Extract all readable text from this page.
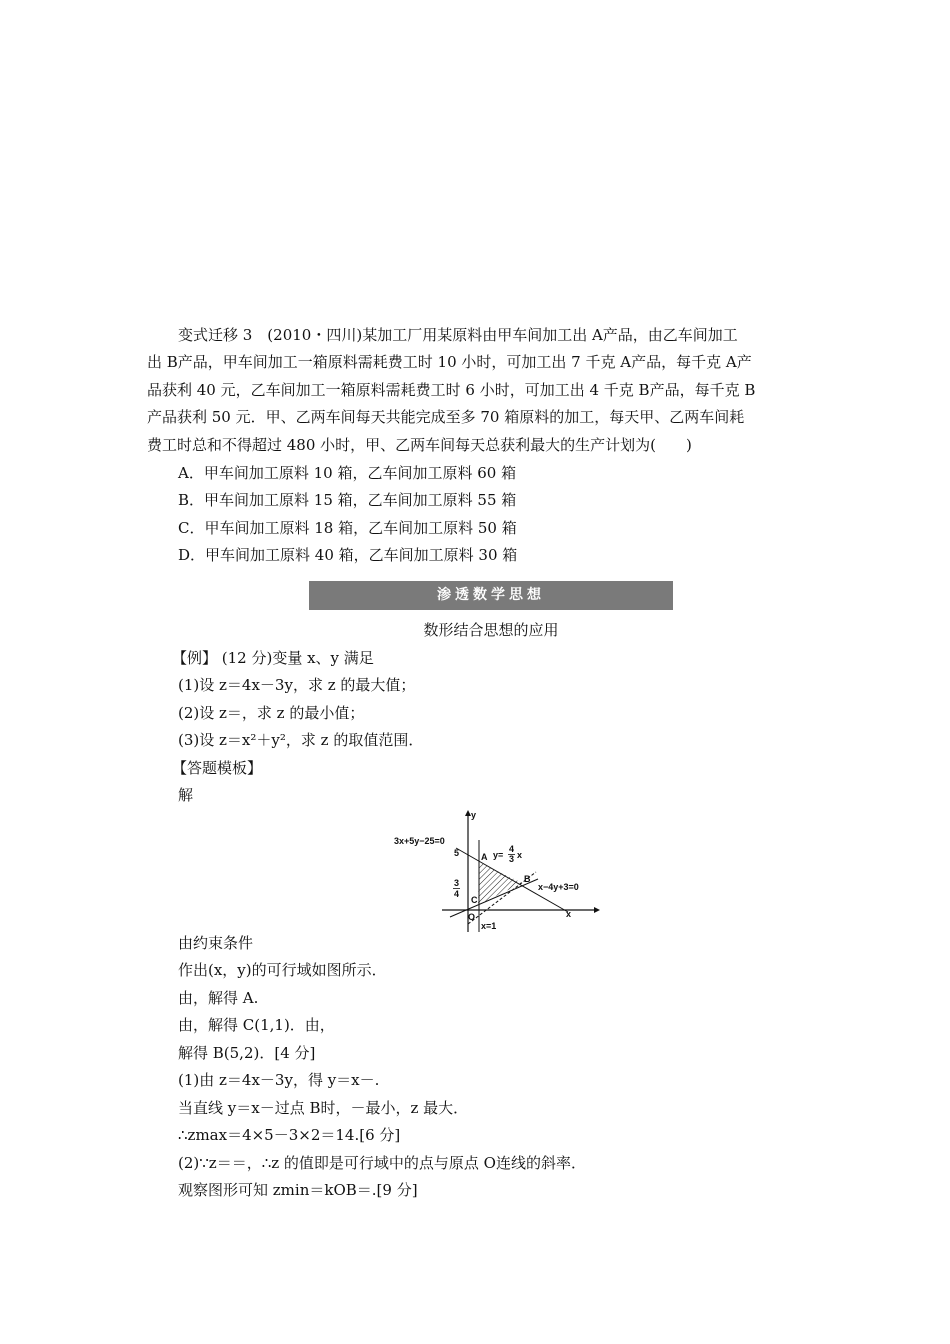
变式迁移 3　(2010・四川)某加工厂用某原料由甲车间加工出 A产品，由乙车间加工
出 B产品，甲车间加工一箱原料需耗费工时 10 小时，可加工出 7 千克 A产品，每千克 A产
品获利 40 元，乙车间加工一箱原料需耗费工时 6 小时，可加工出 4 千克 B产品，每千克 B
产品获利 50 元．甲、乙两车间每天共能完成至多 70 箱原料的加工，每天甲、乙两车间耗
费工时总和不得超过 480 小时，甲、乙两车间每天总获利最大的生产计划为(　　)
A．甲车间加工原料 10 箱，乙车间加工原料 60 箱
B．甲车间加工原料 15 箱，乙车间加工原料 55 箱
C．甲车间加工原料 18 箱，乙车间加工原料 50 箱
D．甲车间加工原料 40 箱，乙车间加工原料 30 箱
渗透数学思想
数形结合思想的应用
【例】 (12 分)变量 x、y 满足
(1)设 z＝4x－3y，求 z 的最大值；
(2)设 z＝，求 z 的最小值；
(3)设 z＝x²＋y²，求 z 的取值范围．
【答题模板】
解
3x+5y−25=0
5 A y=
4
3 x
B
x−4y+3=0
3
4
C
O	x
y
x=1
由约束条件
作出(x，y)的可行域如图所示．
由，解得 A.
由，解得 C(1,1)．由，
解得 B(5,2)．[4 分]
(1)由 z＝4x－3y，得 y＝x－.
当直线 y＝x－过点 B时，－最小，z 最大．
∴zmax＝4×5－3×2＝14.[6 分]
(2)∵z＝＝，∴z 的值即是可行域中的点与原点 O连线的斜率．
观察图形可知 zmin＝kOB＝.[9 分]
